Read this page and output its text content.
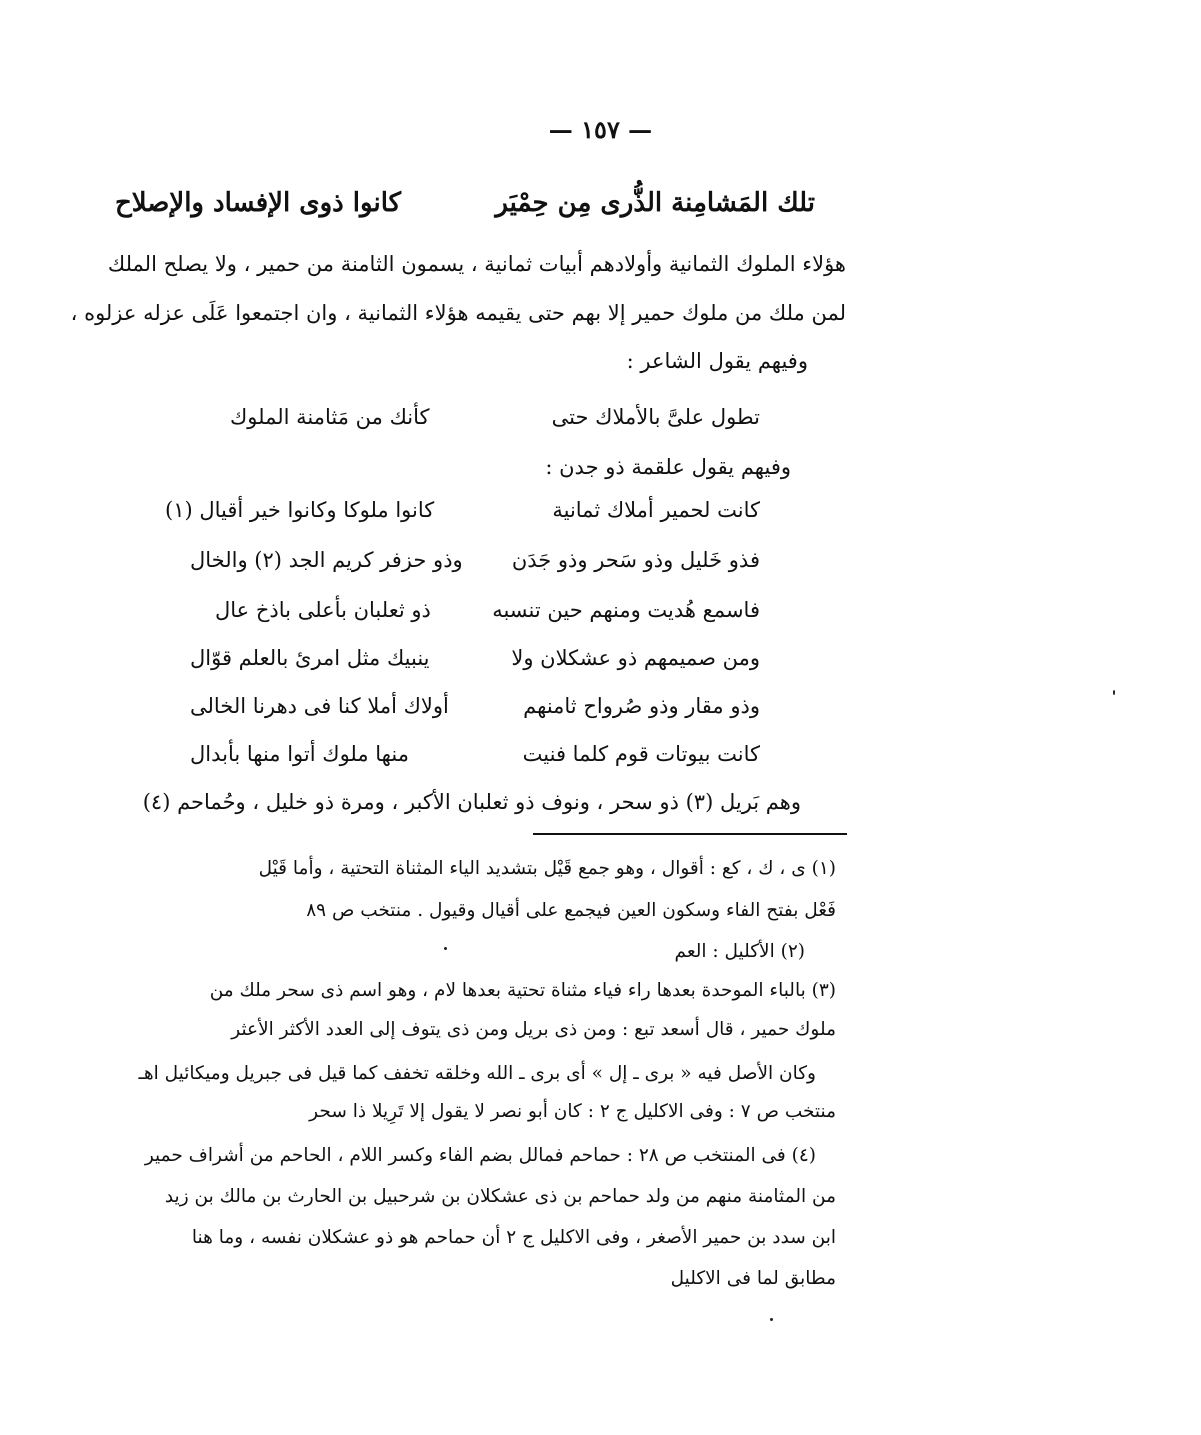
— ١٥٧ —
تلك المَشامِنة الذُّرى مِن حِمْيَر
كانوا ذوى الإفساد والإصلاح
هؤلاء الملوك الثمانية وأولادهم أبيات ثمانية ، يسمون الثامنة من حمير ، ولا يصلح الملك
لمن ملك من ملوك حمير إلا بهم حتى يقيمه هؤلاء الثمانية ، وان اجتمعوا عَلَى عزله عزلوه ،
وفيهم يقول الشاعر :
تطول علىَّ بالأملاك حتى
كأنك من مَثامنة الملوك
وفيهم يقول علقمة ذو جدن :
كانت لحمير أملاك ثمانية
كانوا ملوكا وكانوا خير أقيال (١)
فذو خَليل وذو سَحر وذو جَدَن
وذو حزفر كريم الجد (٢) والخال
فاسمع هُديت ومنهم حين تنسبه
ذو ثعلبان بأعلى باذخ عال
ومن صميمهم ذو عشكلان ولا
ينبيك مثل امرئ بالعلم قوّال
وذو مقار وذو صُرواح ثامنهم
أولاك أملا كنا فى دهرنا الخالى
كانت بيوتات قوم كلما فنيت
منها ملوك أتوا منها بأبدال
وهم بَريل (٣) ذو سحر ، ونوف ذو ثعلبان الأكبر ، ومرة ذو خليل ، وحُماحم (٤)
(١) ى ، ك ، كع : أقوال ، وهو جمع قَيْل بتشديد الياء المثناة التحتية ، وأما قَيْل
فَعْل بفتح الفاء وسكون العين فيجمع على أقيال وقيول . منتخب ص ٨٩
(٢) الأكليل : العم
(٣) بالباء الموحدة بعدها راء فياء مثناة تحتية بعدها لام ، وهو اسم ذى سحر ملك من
ملوك حمير ، قال أسعد تبع : ومن ذى بريل ومن ذى يتوف إلى العدد الأكثر الأعثر
وكان الأصل فيه « برى ـ إل » أى برى ـ الله وخلقه تخفف كما قيل فى جبريل وميكائيل اهـ
منتخب ص ٧ : وفى الاكليل ج ٢ : كان أبو نصر لا يقول إلا تَرِيلا ذا سحر
(٤) فى المنتخب ص ٢٨ : حماحم فمالل بضم الفاء وكسر اللام ، الحاحم من أشراف حمير
من المثامنة منهم من ولد حماحم بن ذى عشكلان بن شرحبيل بن الحارث بن مالك بن زيد
ابن سدد بن حمير الأصغر ، وفى الاكليل ج ٢ أن حماحم هو ذو عشكلان نفسه ، وما هنا
مطابق لما فى الاكليل
